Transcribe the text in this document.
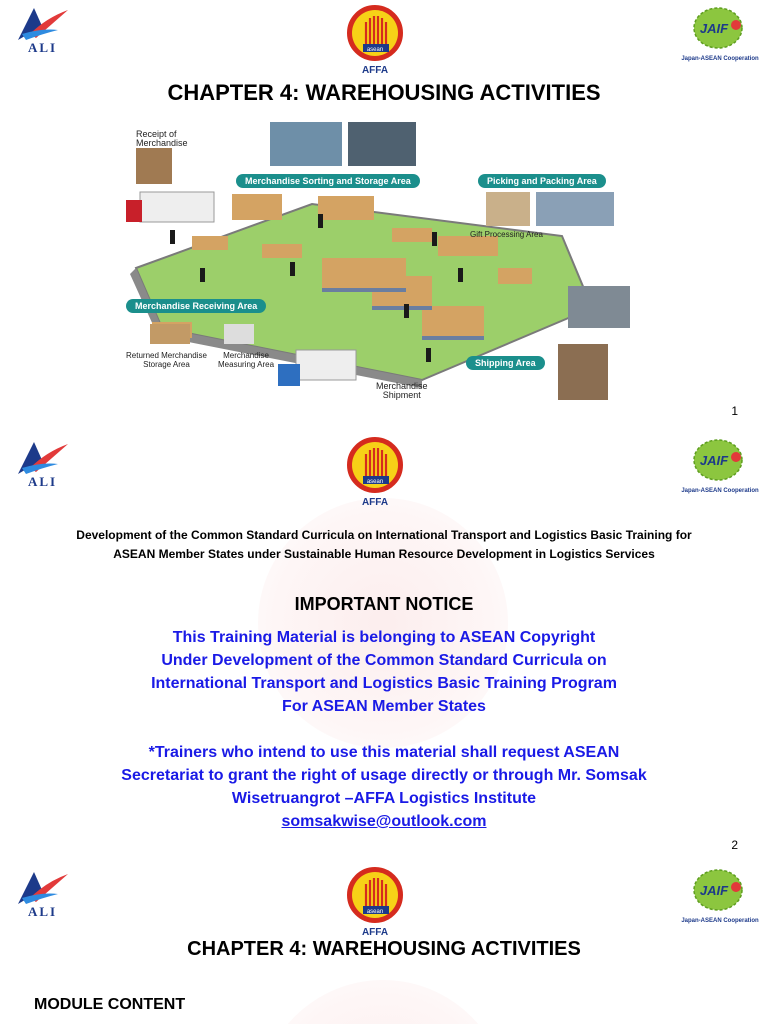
ALI	asean
AFFA
JAIF
Japan-ASEAN Cooperation
CHAPTER 4: WAREHOUSING ACTIVITIES
Receipt of
Merchandise
Merchandise Sorting and Storage Area	Picking and Packing Area
Gift Processing Area
Merchandise Receiving Area
Returned Merchandise
Storage Area
Merchandise
Measuring Area	Shipping Area
Merchandise
Shipment
1
ALI	asean
AFFA
JAIF
Japan-ASEAN Cooperation
Development of the Common Standard Curricula on International Transport and Logistics Basic Training for
ASEAN Member States under Sustainable Human Resource Development in Logistics Services
IMPORTANT NOTICE

This Training Material is belonging to ASEAN Copyright

Under Development of the Common Standard Curricula on

International Transport and Logistics Basic Training Program

For ASEAN Member States

*Trainers who intend to use this material shall request ASEAN

Secretariat to grant the right of usage directly or through Mr. Somsak

Wisetruangrot –AFFA Logistics Institute

somsakwise@outlook.com

2
ALI	asean
AFFA
JAIF
Japan-ASEAN Cooperation
CHAPTER 4: WAREHOUSING ACTIVITIES
MODULE CONTENT
